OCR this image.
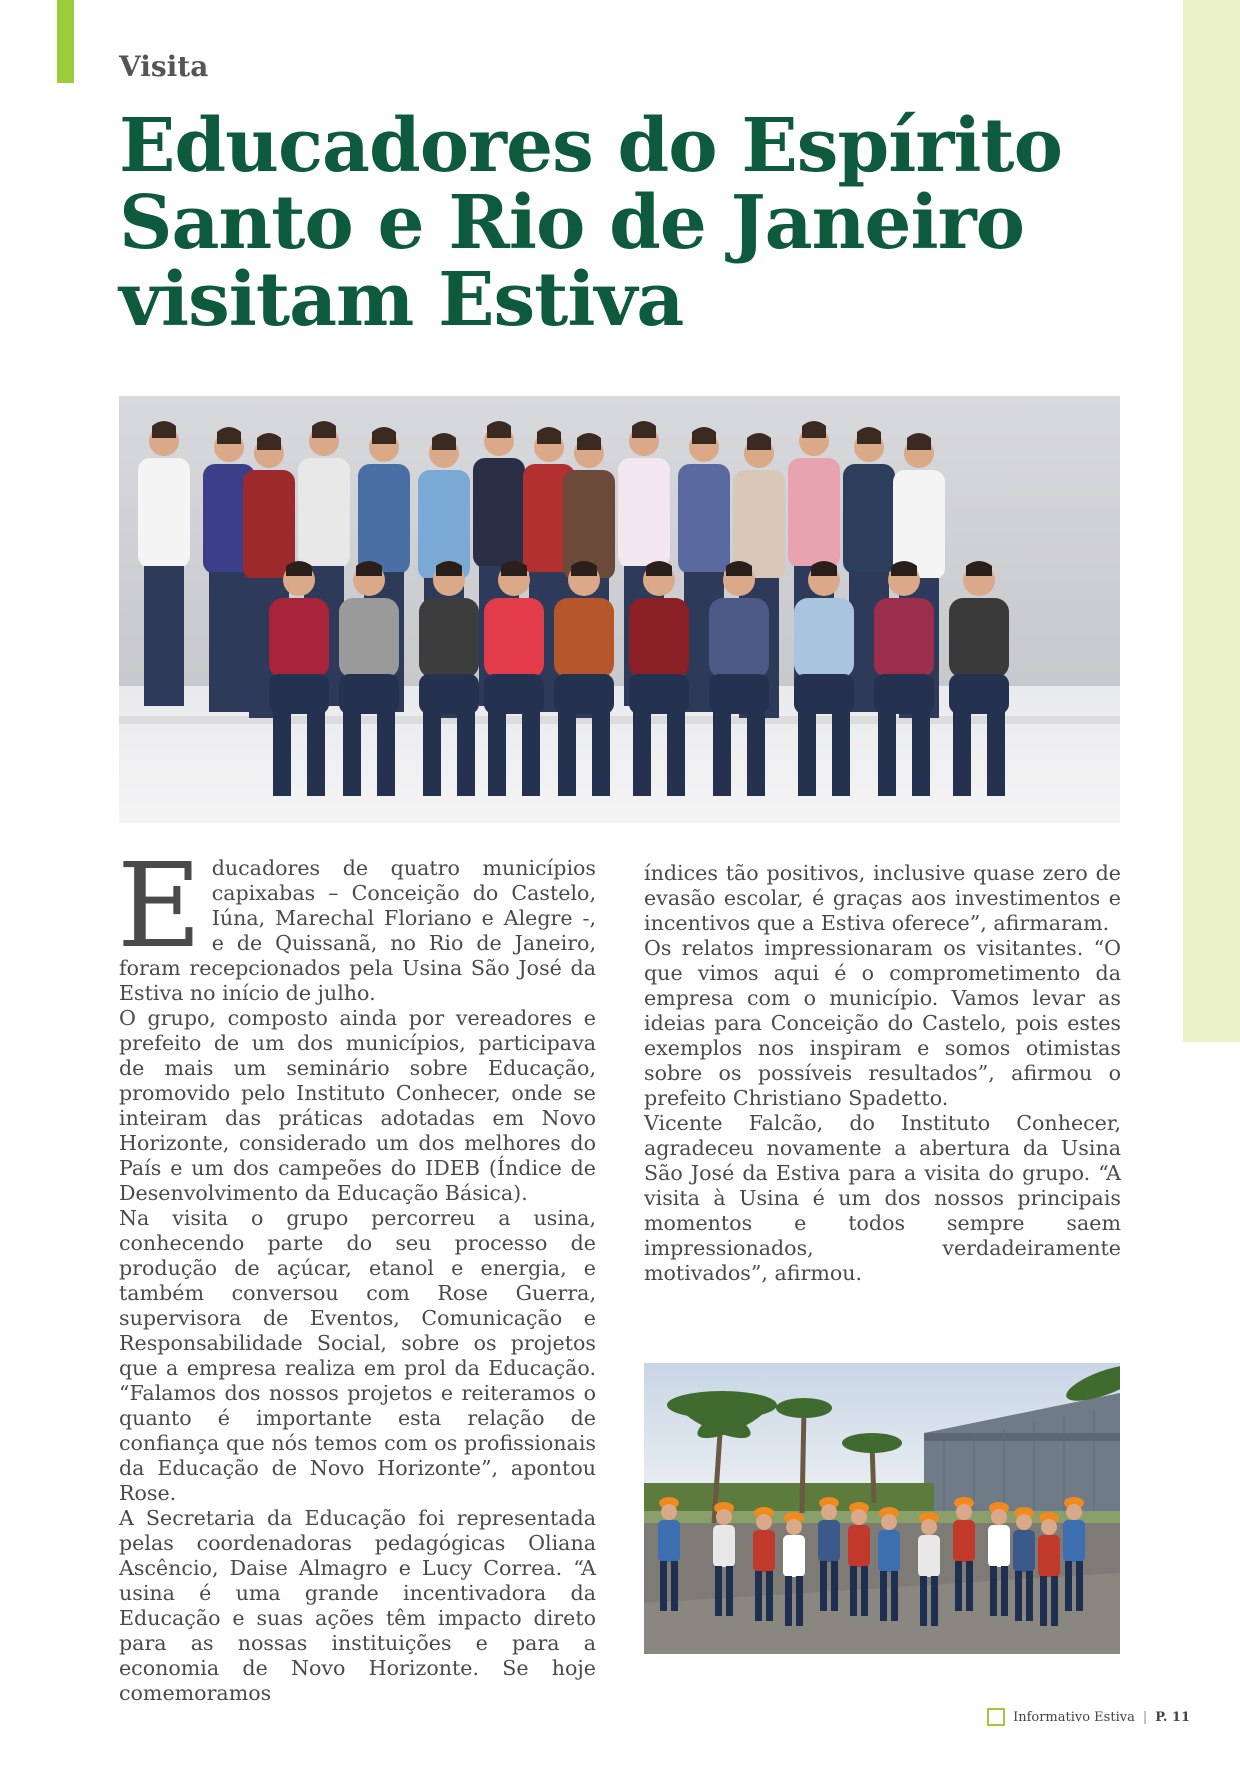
Visita
Educadores do Espírito Santo e Rio de Janeiro visitam Estiva

Educadores de quatro municípios capixabas – Conceição do Castelo, Iúna, Marechal Floriano e Alegre -, e de Quissanã, no Rio de Janeiro, foram recepcionados pela Usina São José da Estiva no início de julho.

O grupo, composto ainda por vereadores e prefeito de um dos municípios, participava de mais um seminário sobre Educação, promovido pelo Instituto Conhecer, onde se inteiram das práticas adotadas em Novo Horizonte, considerado um dos melhores do País e um dos campeões do IDEB (Índice de Desenvolvimento da Educação Básica).

Na visita o grupo percorreu a usina, conhecendo parte do seu processo de produção de açúcar, etanol e energia, e também conversou com Rose Guerra, supervisora de Eventos, Comunicação e Responsabilidade Social, sobre os projetos que a empresa realiza em prol da Educação. “Falamos dos nossos projetos e reiteramos o quanto é importante esta relação de confiança que nós temos com os profissionais da Educação de Novo Horizonte”, apontou Rose.

A Secretaria da Educação foi representada pelas coordenadoras pedagógicas Oliana Ascêncio, Daise Almagro e Lucy Correa. “A usina é uma grande incentivadora da Educação e suas ações têm impacto direto para as nossas instituições e para a economia de Novo Horizonte. Se hoje comemoramos

índices tão positivos, inclusive quase zero de evasão escolar, é graças aos investimentos e incentivos que a Estiva oferece”, afirmaram.

Os relatos impressionaram os visitantes. “O que vimos aqui é o comprometimento da empresa com o município. Vamos levar as ideias para Conceição do Castelo, pois estes exemplos nos inspiram e somos otimistas sobre os possíveis resultados”, afirmou o prefeito Christiano Spadetto.

Vicente Falcão, do Instituto Conhecer, agradeceu novamente a abertura da Usina São José da Estiva para a visita do grupo. “A visita à Usina é um dos nossos principais momentos e todos sempre saem impressionados, verdadeiramente motivados”, afirmou.

Informativo Estiva | P. 11
